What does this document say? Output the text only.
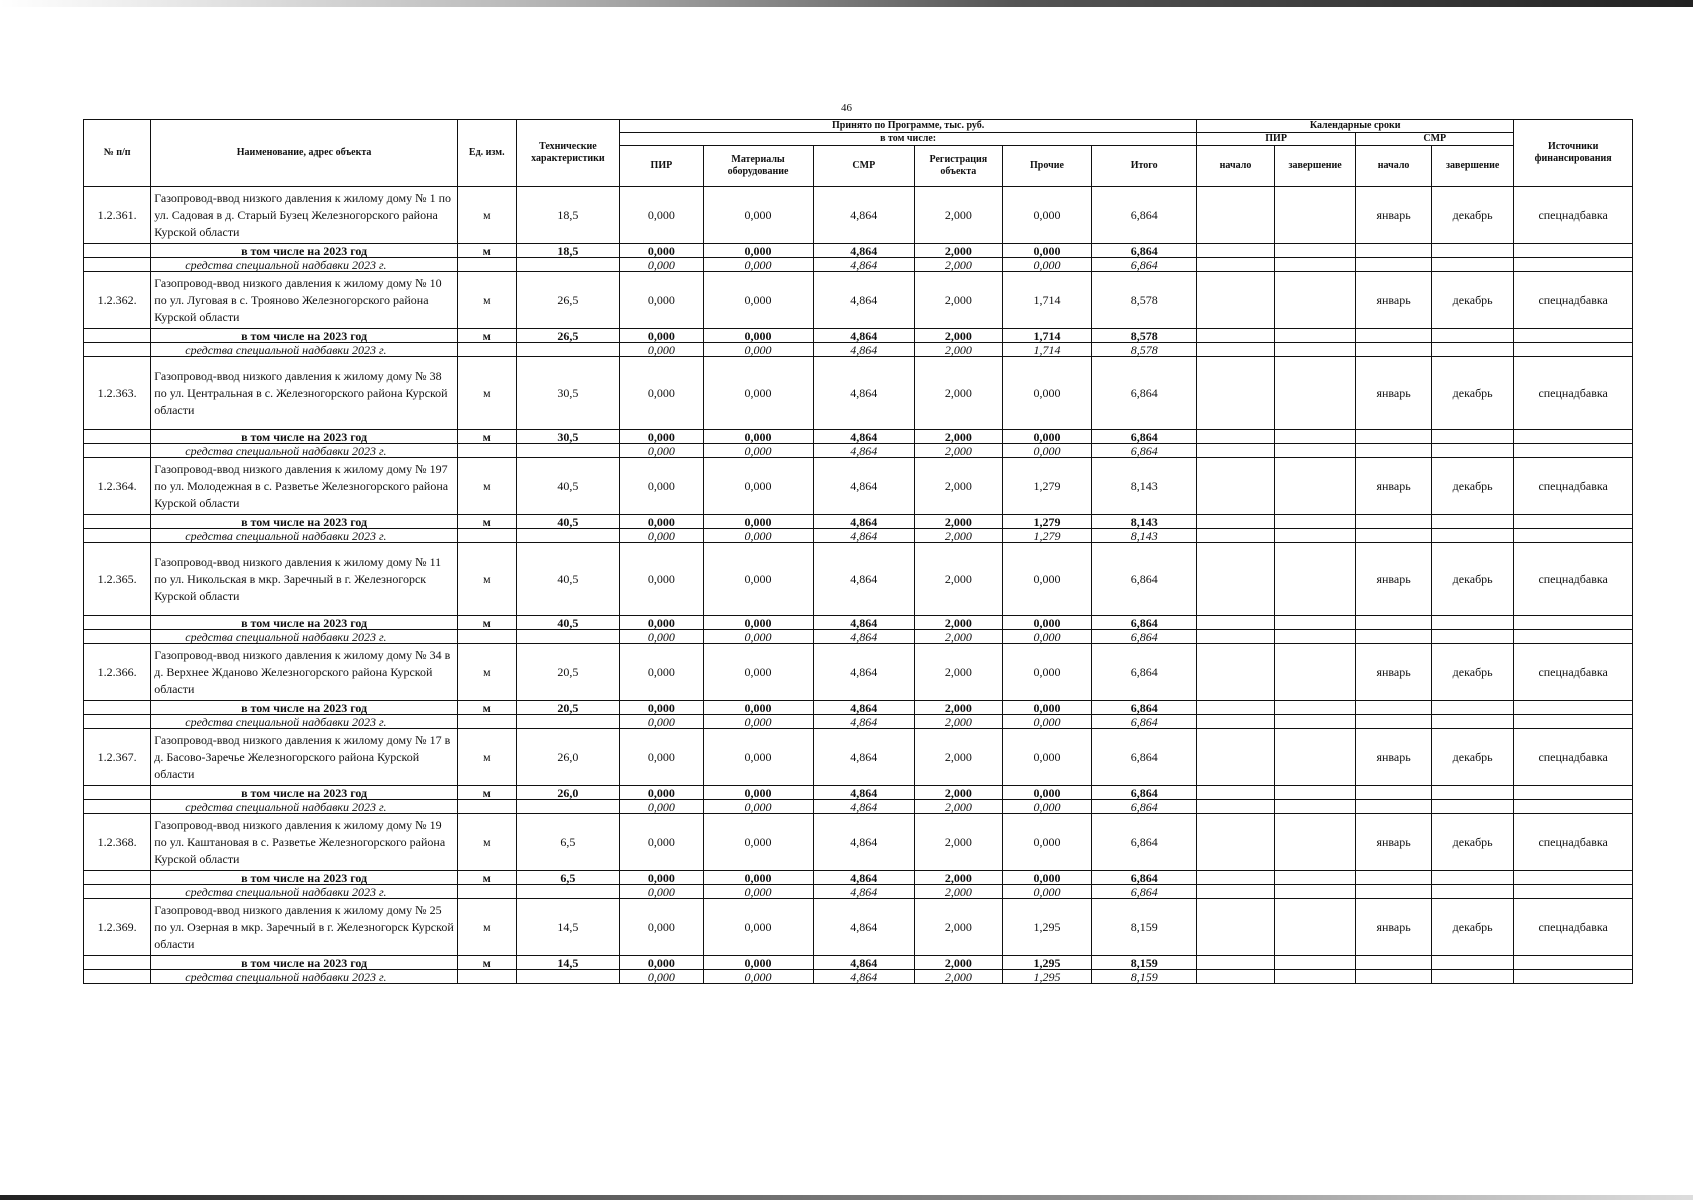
46
№ п/п	Наименование, адрес объекта	Ед. изм.	Технические характеристики	Принято по Программе, тыс. руб.						Календарные сроки				Источники финансирования
				в том числе:						ПИР		СМР		
				ПИР	Материалы оборудование	СМР	Регистрация объекта	Прочие	Итого	начало	завершение	начало	завершение	

1.2.361.	Газопровод-ввод низкого давления к жилому дому № 1 по ул. Садовая в д. Старый Бузец Железногорского района Курской области	м	18,5	0,000	0,000	4,864	2,000	0,000	6,864			январь	декабрь	спецнадбавка
	в том числе на 2023 год	м	18,5	0,000	0,000	4,864	2,000	0,000	6,864					
	средства специальной надбавки 2023 г.			0,000	0,000	4,864	2,000	0,000	6,864					
1.2.362.	Газопровод-ввод низкого давления к жилому дому № 10 по ул. Луговая в с. Трояново Железногорского района Курской области	м	26,5	0,000	0,000	4,864	2,000	1,714	8,578			январь	декабрь	спецнадбавка
	в том числе на 2023 год	м	26,5	0,000	0,000	4,864	2,000	1,714	8,578					
	средства специальной надбавки 2023 г.			0,000	0,000	4,864	2,000	1,714	8,578					
1.2.363.	Газопровод-ввод низкого давления к жилому дому № 38 по ул. Центральная в с. Железногорского района Курской области	м	30,5	0,000	0,000	4,864	2,000	0,000	6,864			январь	декабрь	спецнадбавка
	в том числе на 2023 год	м	30,5	0,000	0,000	4,864	2,000	0,000	6,864					
	средства специальной надбавки 2023 г.			0,000	0,000	4,864	2,000	0,000	6,864					
1.2.364.	Газопровод-ввод низкого давления к жилому дому № 197 по ул. Молодежная в с. Разветье Железногорского района Курской области	м	40,5	0,000	0,000	4,864	2,000	1,279	8,143			январь	декабрь	спецнадбавка
	в том числе на 2023 год	м	40,5	0,000	0,000	4,864	2,000	1,279	8,143					
	средства специальной надбавки 2023 г.			0,000	0,000	4,864	2,000	1,279	8,143					
1.2.365.	Газопровод-ввод низкого давления к жилому дому № 11 по ул. Никольская в мкр. Заречный в г. Железногорск Курской области	м	40,5	0,000	0,000	4,864	2,000	0,000	6,864			январь	декабрь	спецнадбавка
	в том числе на 2023 год	м	40,5	0,000	0,000	4,864	2,000	0,000	6,864					
	средства специальной надбавки 2023 г.			0,000	0,000	4,864	2,000	0,000	6,864					
1.2.366.	Газопровод-ввод низкого давления к жилому дому № 34 в д. Верхнее Жданово Железногорского района Курской области	м	20,5	0,000	0,000	4,864	2,000	0,000	6,864			январь	декабрь	спецнадбавка
	в том числе на 2023 год	м	20,5	0,000	0,000	4,864	2,000	0,000	6,864					
	средства специальной надбавки 2023 г.			0,000	0,000	4,864	2,000	0,000	6,864					
1.2.367.	Газопровод-ввод низкого давления к жилому дому № 17 в д. Басово-Заречье Железногорского района Курской области	м	26,0	0,000	0,000	4,864	2,000	0,000	6,864			январь	декабрь	спецнадбавка
	в том числе на 2023 год	м	26,0	0,000	0,000	4,864	2,000	0,000	6,864					
	средства специальной надбавки 2023 г.			0,000	0,000	4,864	2,000	0,000	6,864					
1.2.368.	Газопровод-ввод низкого давления к жилому дому № 19 по ул. Каштановая в с. Разветье Железногорского района Курской области	м	6,5	0,000	0,000	4,864	2,000	0,000	6,864			январь	декабрь	спецнадбавка
	в том числе на 2023 год	м	6,5	0,000	0,000	4,864	2,000	0,000	6,864					
	средства специальной надбавки 2023 г.			0,000	0,000	4,864	2,000	0,000	6,864					
1.2.369.	Газопровод-ввод низкого давления к жилому дому № 25 по ул. Озерная в мкр. Заречный в г. Железногорск Курской области	м	14,5	0,000	0,000	4,864	2,000	1,295	8,159			январь	декабрь	спецнадбавка
	в том числе на 2023 год	м	14,5	0,000	0,000	4,864	2,000	1,295	8,159					
	средства специальной надбавки 2023 г.			0,000	0,000	4,864	2,000	1,295	8,159					
